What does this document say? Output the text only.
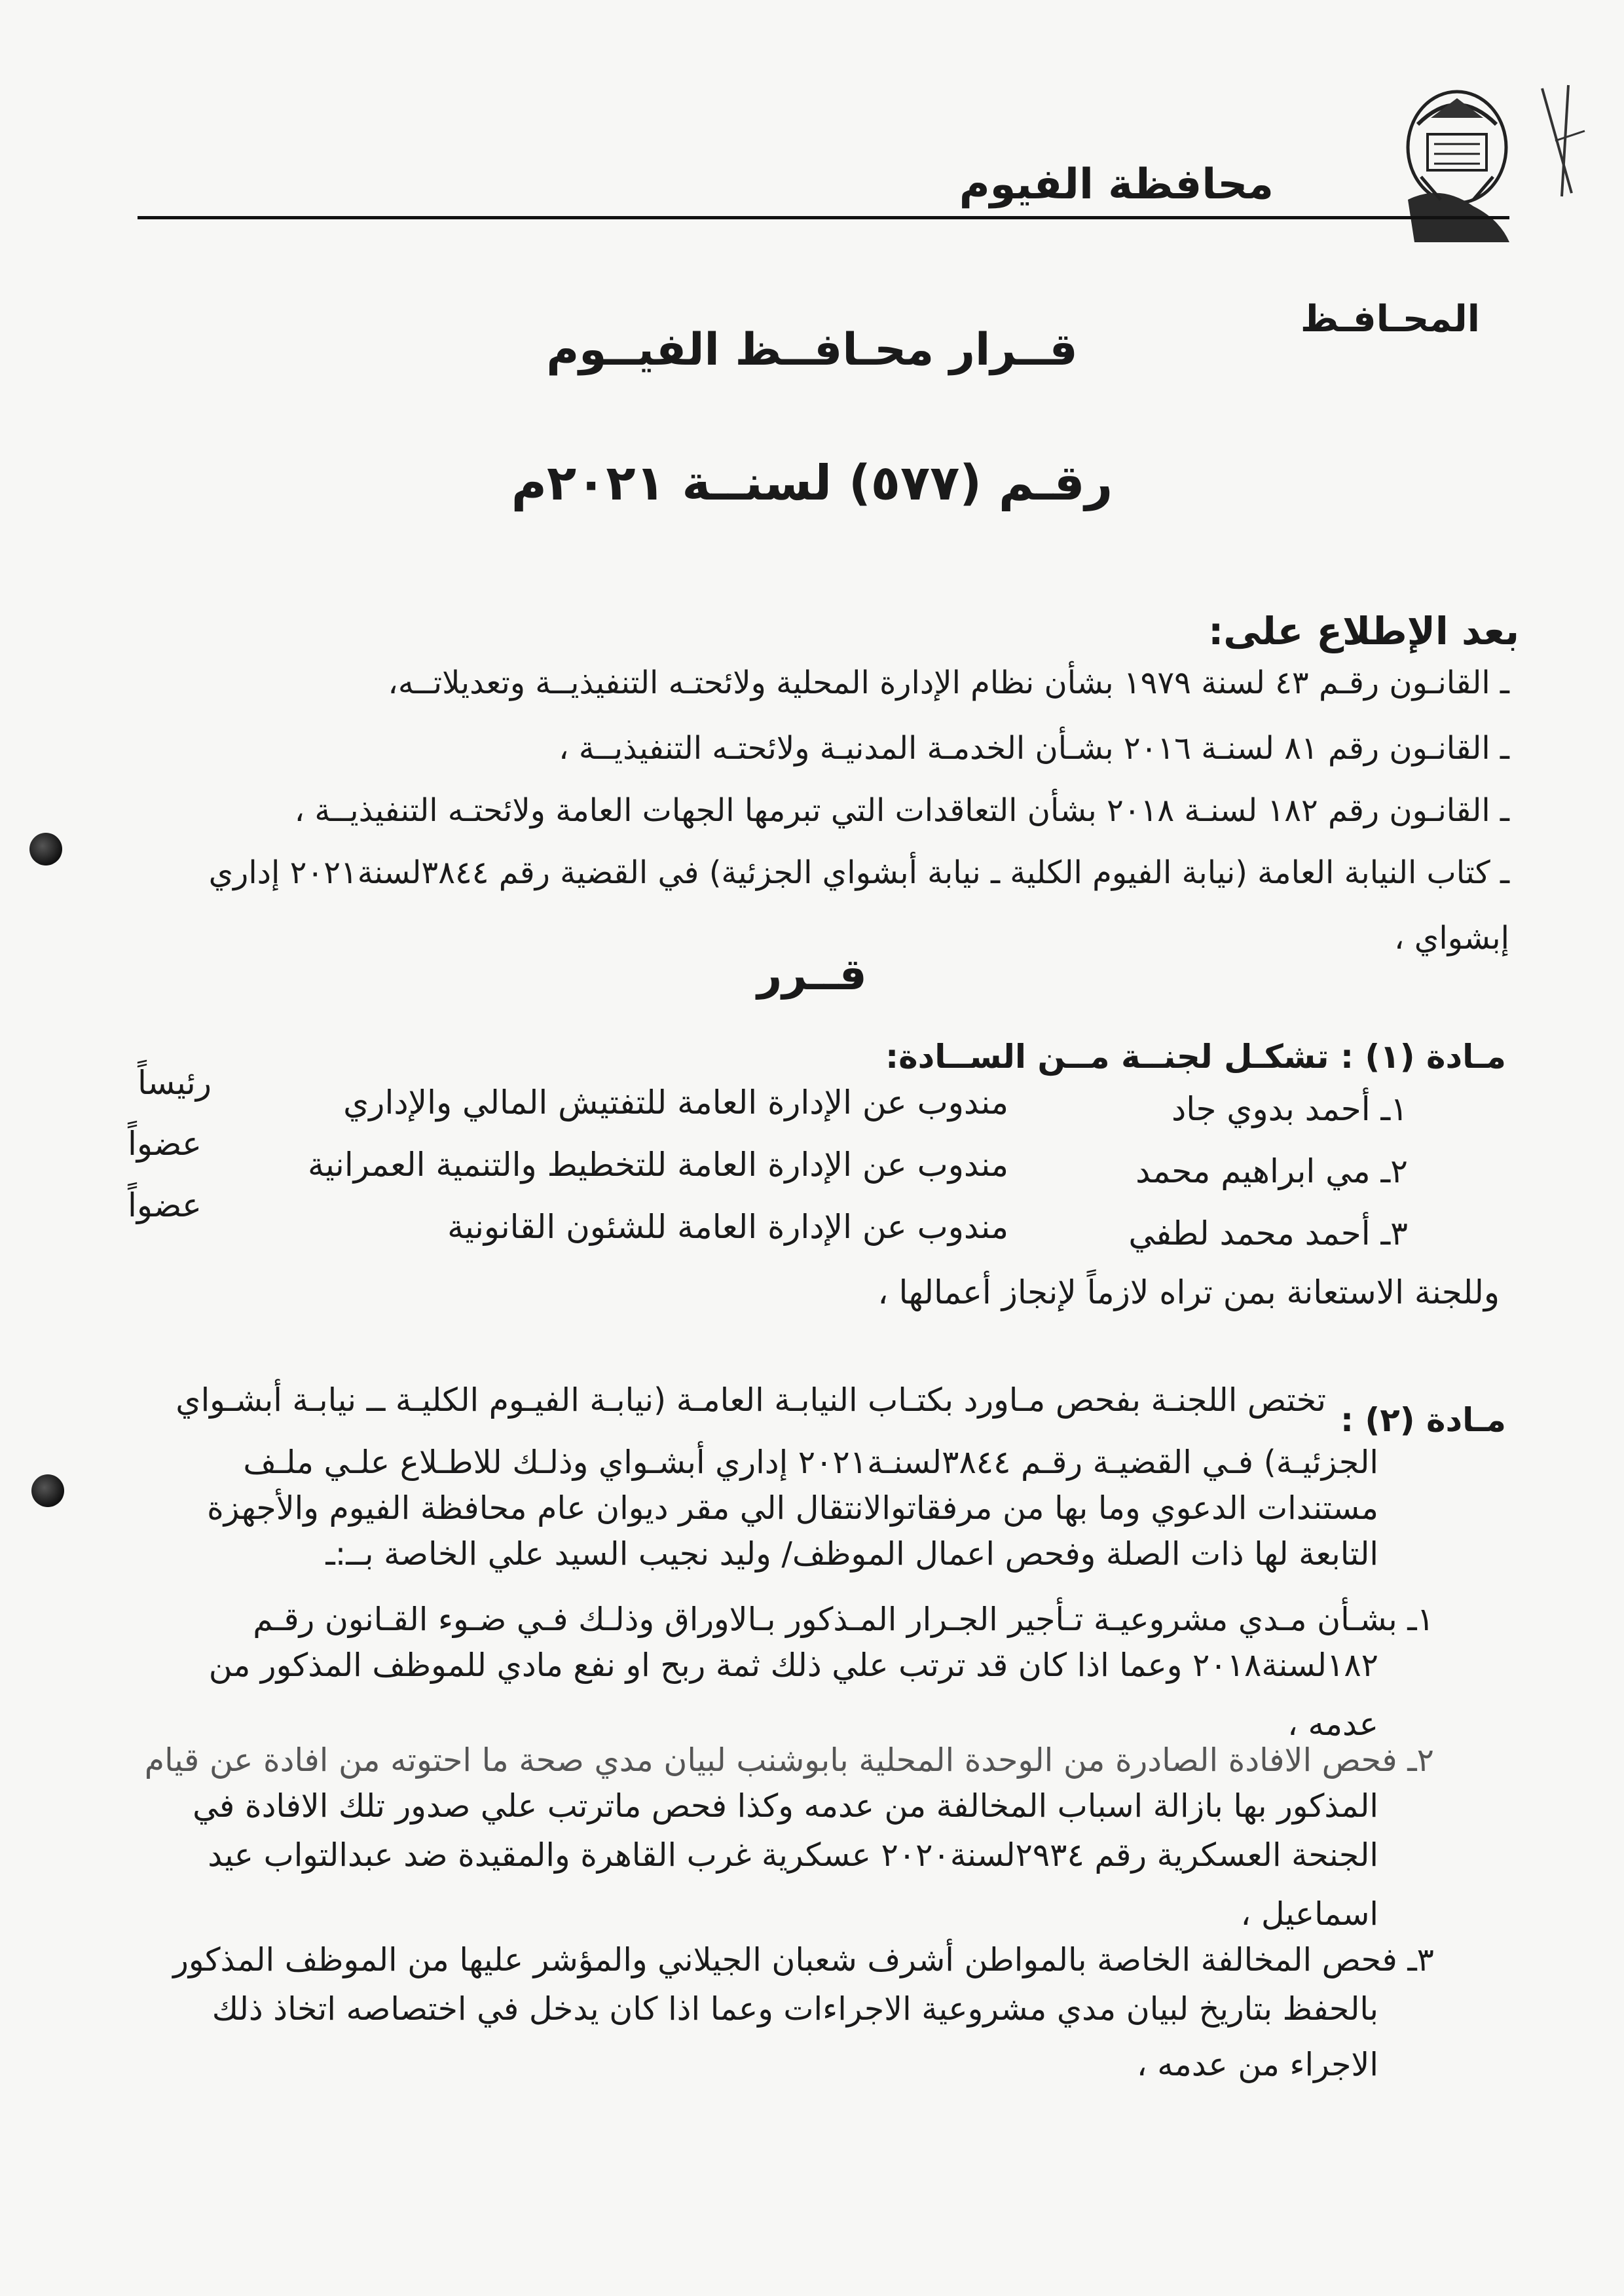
محافظة الفيوم
المحـافـظ
قــرار محـافــظ الفيــوم
رقـم (٥٧٧) لسنــة ٢٠٢١م
بعد الإطلاع على:
ـ القانـون رقـم ٤٣ لسنة ١٩٧٩ بشأن نظام الإدارة المحلية ولائحتـه التنفيذيــة وتعديلاتــه،
ـ القانـون رقم ٨١ لسنـة ٢٠١٦ بشـأن الخدمـة المدنيـة ولائحتـه التنفيذيــة ،
ـ القانـون رقم ١٨٢ لسنـة ٢٠١٨ بشأن التعاقدات التي تبرمها الجهات العامة ولائحتـه التنفيذيــة ،
ـ كتاب النيابة العامة (نيابة الفيوم الكلية ـ نيابة أبشواي الجزئية) في القضية رقم ٣٨٤٤لسنة٢٠٢١ إداري
إبشواي ،
قــرر
مـادة (١) : تشكـل لجنــة مــن الســادة:
١ـ أحمد بدوي جاد
مندوب عن الإدارة العامة للتفتيش المالي والإداري
رئيساً
٢ـ مي ابراهيم محمد
مندوب عن الإدارة العامة للتخطيط والتنمية العمرانية
عضواً
٣ـ أحمد محمد لطفي
مندوب عن الإدارة العامة للشئون القانونية
عضواً
وللجنة الاستعانة بمن تراه لازماً لإنجاز أعمالها ،
مـادة (٢) :
تختص اللجنـة بفحص مـاورد بكتـاب النيابـة العامـة (نيابـة الفيـوم الكليـة ــ نيابـة أبشـواي
الجزئيـة) فـي القضيـة رقـم ٣٨٤٤لسنـة٢٠٢١ إداري أبشـواي وذلـك للاطـلاع علـي ملـف
مستندات الدعوي وما بها من مرفقاتوالانتقال الي مقر ديوان عام محافظة الفيوم والأجهزة
التابعة لها ذات الصلة وفحص اعمال الموظف/ وليد نجيب السيد علي الخاصة بــ:ـ
١ـ بشـأن مـدي مشروعيـة تـأجير الجـرار المـذكور بـالاوراق وذلـك فـي ضـوء القـانون رقـم
١٨٢لسنة٢٠١٨ وعما اذا كان قد ترتب علي ذلك ثمة ربح او نفع مادي للموظف المذكور من
عدمه ،
٢ـ فحص الافادة الصادرة من الوحدة المحلية بابوشنب لبيان مدي صحة ما احتوته من افادة عن قيام
المذكور بها بازالة اسباب المخالفة من عدمه وكذا فحص ماترتب علي صدور تلك الافادة في
الجنحة العسكرية رقم ٢٩٣٤لسنة٢٠٢٠ عسكرية غرب القاهرة والمقيدة ضد عبدالتواب عيد
اسماعيل ،
٣ـ فحص المخالفة الخاصة بالمواطن أشرف شعبان الجيلاني والمؤشر عليها من الموظف المذكور
بالحفظ بتاريخ لبيان مدي مشروعية الاجراءات وعما اذا كان يدخل في اختصاصه اتخاذ ذلك
الاجراء من عدمه ،
